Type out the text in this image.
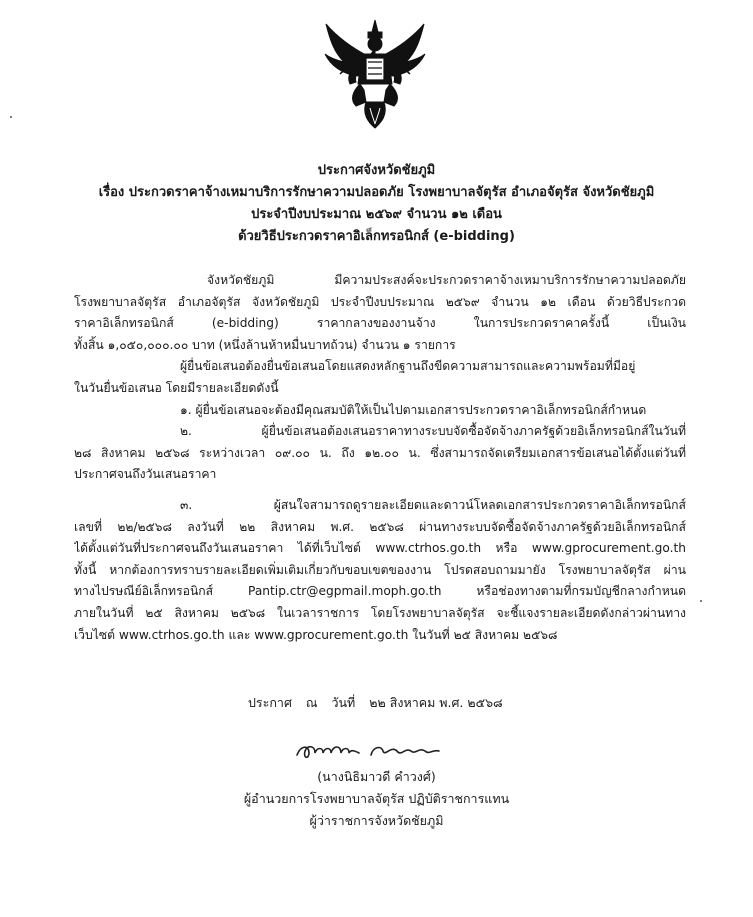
ประกาศจังหวัดชัยภูมิ
เรื่อง ประกวดราคาจ้างเหมาบริการรักษาความปลอดภัย โรงพยาบาลจัตุรัส อำเภอจัตุรัส จังหวัดชัยภูมิ
ประจำปีงบประมาณ ๒๕๖๙ จำนวน ๑๒ เดือน
ด้วยวิธีประกวดราคาอิเล็กทรอนิกส์ (e-bidding)
จังหวัดชัยภูมิ มีความประสงค์จะประกวดราคาจ้างเหมาบริการรักษาความปลอดภัย
โรงพยาบาลจัตุรัส อำเภอจัตุรัส จังหวัดชัยภูมิ ประจำปีงบประมาณ ๒๕๖๙ จำนวน ๑๒ เดือน ด้วยวิธีประกวด
ราคาอิเล็กทรอนิกส์ (e-bidding) ราคากลางของงานจ้าง ในการประกวดราคาครั้งนี้ เป็นเงิน
ทั้งสิ้น ๑,๐๕๐,๐๐๐.๐๐ บาท (หนึ่งล้านห้าหมื่นบาทถ้วน) จำนวน ๑ รายการ
ผู้ยื่นข้อเสนอต้องยื่นข้อเสนอโดยแสดงหลักฐานถึงขีดความสามารถและความพร้อมที่มีอยู่
ในวันยื่นข้อเสนอ โดยมีรายละเอียดดังนี้
๑. ผู้ยื่นข้อเสนอจะต้องมีคุณสมบัติให้เป็นไปตามเอกสารประกวดราคาอิเล็กทรอนิกส์กำหนด
๒. ผู้ยื่นข้อเสนอต้องเสนอราคาทางระบบจัดซื้อจัดจ้างภาครัฐด้วยอิเล็กทรอนิกส์ในวันที่
๒๘ สิงหาคม ๒๕๖๘ ระหว่างเวลา ๐๙.๐๐ น. ถึง ๑๒.๐๐ น. ซึ่งสามารถจัดเตรียมเอกสารข้อเสนอได้ตั้งแต่วันที่
ประกาศจนถึงวันเสนอราคา
๓. ผู้สนใจสามารถดูรายละเอียดและดาวน์โหลดเอกสารประกวดราคาอิเล็กทรอนิกส์
เลขที่ ๒๒/๒๕๖๘ ลงวันที่ ๒๒ สิงหาคม พ.ศ. ๒๕๖๘ ผ่านทางระบบจัดซื้อจัดจ้างภาครัฐด้วยอิเล็กทรอนิกส์
ได้ตั้งแต่วันที่ประกาศจนถึงวันเสนอราคา ได้ที่เว็บไซต์ www.ctrhos.go.th หรือ www.gprocurement.go.th
ทั้งนี้ หากต้องการทราบรายละเอียดเพิ่มเติมเกี่ยวกับขอบเขตของงาน โปรดสอบถามมายัง โรงพยาบาลจัตุรัส ผ่าน
ทางไปรษณีย์อิเล็กทรอนิกส์ Pantip.ctr@egpmail.moph.go.th หรือช่องทางตามที่กรมบัญชีกลางกำหนด
ภายในวันที่ ๒๕ สิงหาคม ๒๕๖๘ ในเวลาราชการ โดยโรงพยาบาลจัตุรัส จะชี้แจงรายละเอียดดังกล่าวผ่านทาง
เว็บไซต์ www.ctrhos.go.th และ www.gprocurement.go.th ในวันที่ ๒๕ สิงหาคม ๒๕๖๘
ประกาศ ณ วันที่ ๒๒ สิงหาคม พ.ศ. ๒๕๖๘
(นางนิธิมาวดี คำวงศ์)
ผู้อำนวยการโรงพยาบาลจัตุรัส ปฏิบัติราชการแทน
ผู้ว่าราชการจังหวัดชัยภูมิ
